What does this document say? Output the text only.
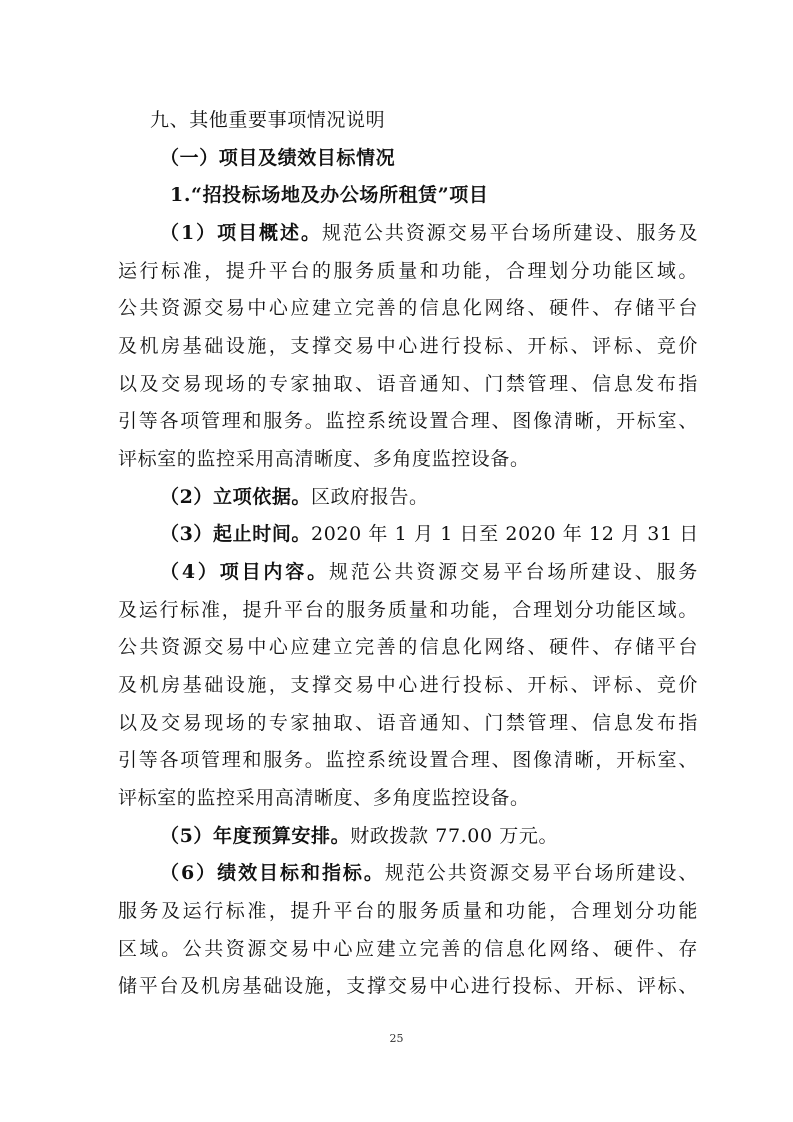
九、其他重要事项情况说明
（一）项目及绩效目标情况
1.“招投标场地及办公场所租赁”项目
（1）项目概述。规范公共资源交易平台场所建设、服务及
运行标准，提升平台的服务质量和功能，合理划分功能区域。
公共资源交易中心应建立完善的信息化网络、硬件、存储平台
及机房基础设施，支撑交易中心进行投标、开标、评标、竞价
以及交易现场的专家抽取、语音通知、门禁管理、信息发布指
引等各项管理和服务。监控系统设置合理、图像清晰，开标室、
评标室的监控采用高清晰度、多角度监控设备。
（2）立项依据。区政府报告。
（3）起止时间。2020 年 1 月 1 日至 2020 年 12 月 31 日
（4）项目内容。规范公共资源交易平台场所建设、服务
及运行标准，提升平台的服务质量和功能，合理划分功能区域。
公共资源交易中心应建立完善的信息化网络、硬件、存储平台
及机房基础设施，支撑交易中心进行投标、开标、评标、竞价
以及交易现场的专家抽取、语音通知、门禁管理、信息发布指
引等各项管理和服务。监控系统设置合理、图像清晰，开标室、
评标室的监控采用高清晰度、多角度监控设备。
（5）年度预算安排。财政拨款 77.00 万元。
（6）绩效目标和指标。规范公共资源交易平台场所建设、
服务及运行标准，提升平台的服务质量和功能，合理划分功能
区域。公共资源交易中心应建立完善的信息化网络、硬件、存
储平台及机房基础设施，支撑交易中心进行投标、开标、评标、
25
